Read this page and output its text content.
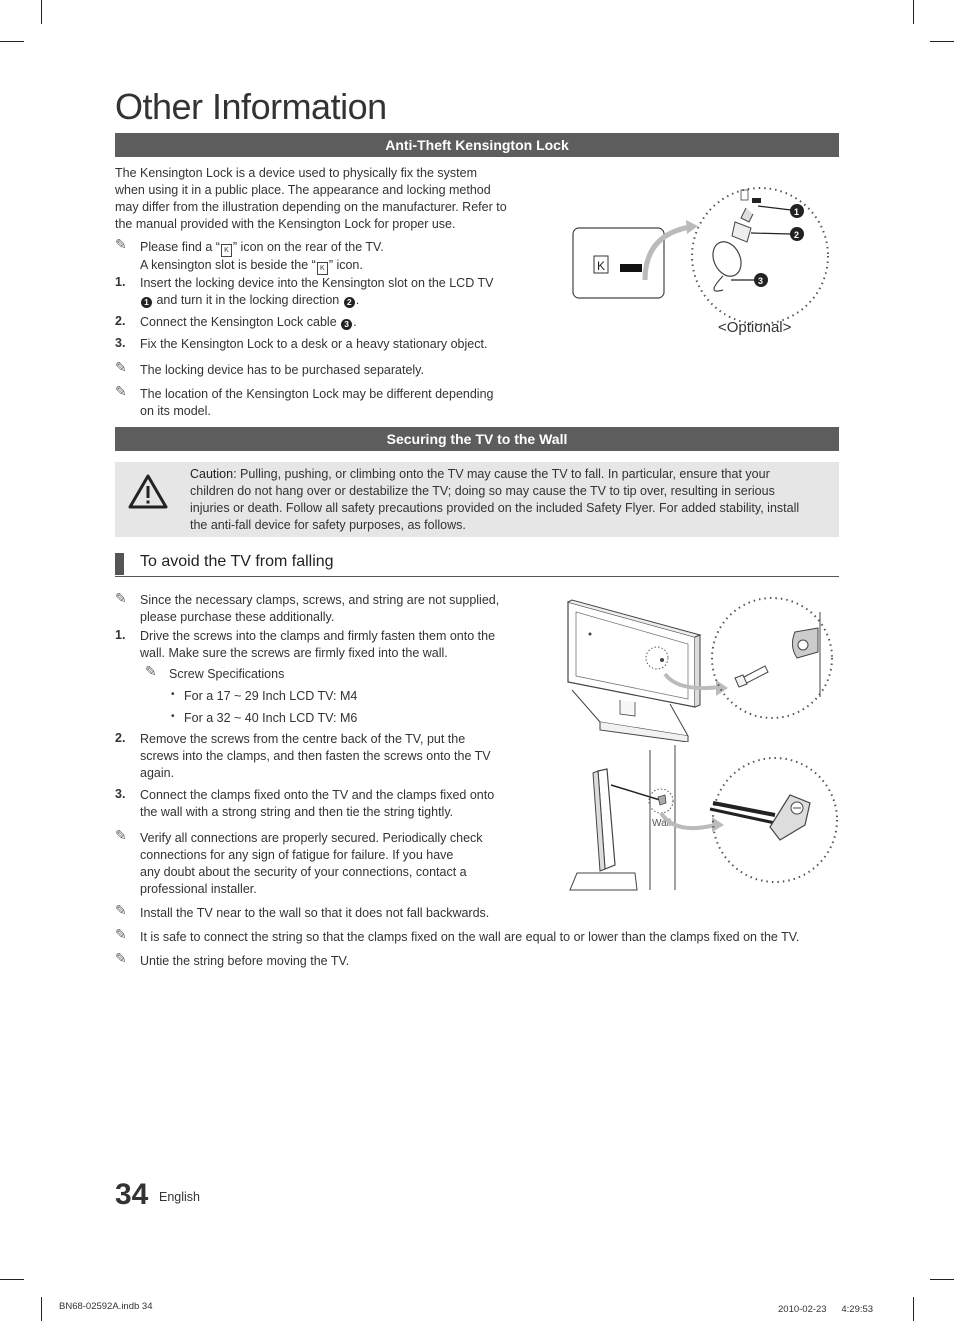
Other Information
Anti-Theft Kensington Lock
The Kensington Lock is a device used to physically fix the system
when using it in a public place. The appearance and locking method
may differ from the illustration depending on the manufacturer. Refer to
the manual provided with the Kensington Lock for proper use.
✎ Please find a “ K ” icon on the rear of the TV.
A kensington slot is beside the “ K ” icon.
1. Insert the locking device into the Kensington slot on the LCD TV
1 and turn it in the locking direction 2 .
2. Connect the Kensington Lock cable 3 .
3. Fix the Kensington Lock to a desk or a heavy stationary object.
✎ The locking device has to be purchased separately.
✎ The location of the Kensington Lock may be different depending
on its model.
K
1
2
3
<Optional>
Securing the TV to the Wall
Caution: Pulling, pushing, or climbing onto the TV may cause the TV to fall. In particular, ensure that your
children do not hang over or destabilize the TV; doing so may cause the TV to tip over, resulting in serious
injuries or death. Follow all safety precautions provided on the included Safety Flyer. For added stability, install
the anti-fall device for safety purposes, as follows.
To avoid the TV from falling
✎ Since the necessary clamps, screws, and string are not supplied,
please purchase these additionally.
1. Drive the screws into the clamps and firmly fasten them onto the
wall. Make sure the screws are firmly fixed into the wall.
✎ Screw Specifications
• For a 17 ~ 29 Inch LCD TV: M4
• For a 32 ~ 40 Inch LCD TV: M6
2. Remove the screws from the centre back of the TV, put the
screws into the clamps, and then fasten the screws onto the TV
again.
3. Connect the clamps fixed onto the TV and the clamps fixed onto
the wall with a strong string and then tie the string tightly.
✎ Verify all connections are properly secured. Periodically check
connections for any sign of fatigue for failure. If you have
any doubt about the security of your connections, contact a
professional installer.
✎ Install the TV near to the wall so that it does not fall backwards.
✎ It is safe to connect the string so that the clamps fixed on the wall are equal to or lower than the clamps fixed on the TV.
✎ Untie the string before moving the TV.
Wall
34 English
BN68-02592A.indb 34	2010-02-23 　 4:29:53
